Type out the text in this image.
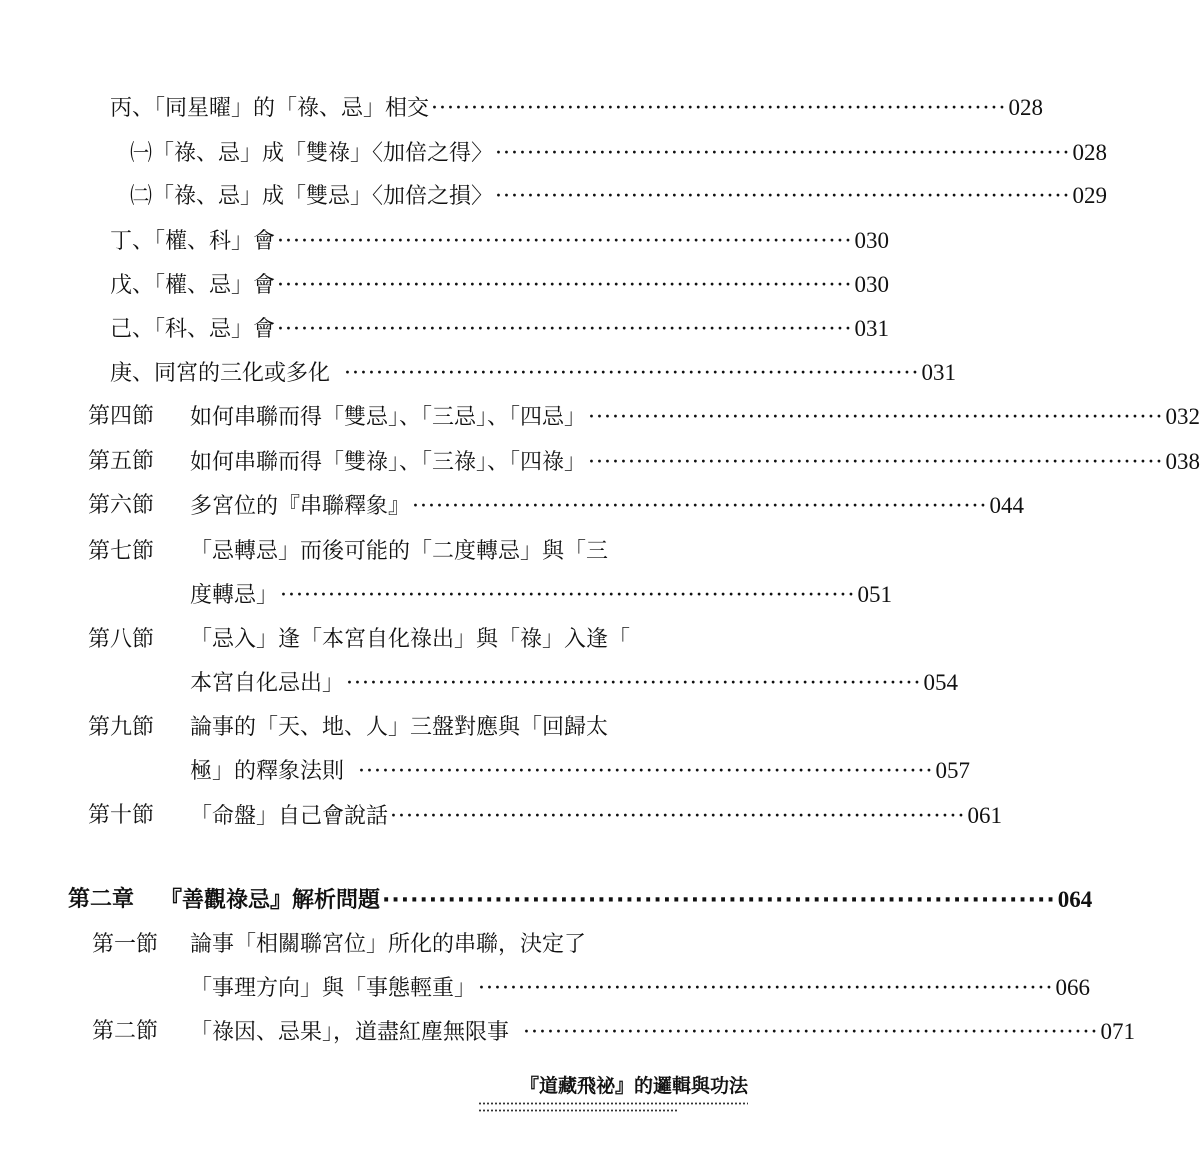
丙、「同星曜」的「祿、忌」相交 ········································································ 028
㈠「祿、忌」成「雙祿」〈加倍之得〉 ········································································ 028
㈡「祿、忌」成「雙忌」〈加倍之損〉 ········································································ 029
丁、「權、科」會 ········································································ 030
戊、「權、忌」會 ········································································ 030
己、「科、忌」會 ········································································ 031
庚、同宮的三化或多化 ········································································ 031
第四節 如何串聯而得「雙忌」、「三忌」、「四忌」 ········································································ 032
第五節 如何串聯而得「雙祿」、「三祿」、「四祿」 ········································································ 038
第六節 多宮位的『串聯釋象』 ········································································ 044
第七節 「忌轉忌」而後可能的「二度轉忌」與「三
度轉忌」 ········································································ 051
第八節 「忌入」逢「本宮自化祿出」與「祿」入逢「
本宮自化忌出」 ········································································ 054
第九節 論事的「天、地、人」三盤對應與「回歸太
極」的釋象法則 ········································································ 057
第十節 「命盤」自己會說話 ········································································ 061
第二章 『善觀祿忌』解析問題 ········································································ 064
第一節 論事「相關聯宮位」所化的串聯，決定了
「事理方向」與「事態輕重」 ········································································ 066
第二節 「祿因、忌果」，道盡紅塵無限事 ········································································ 071
『道藏飛祕』的邏輯與功法
